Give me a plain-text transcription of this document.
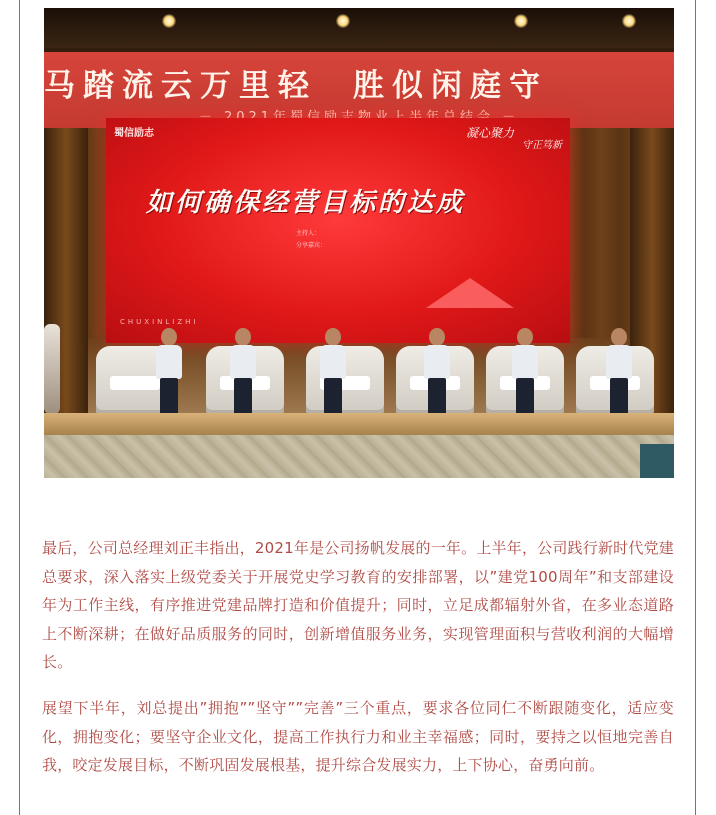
马踏流云万里轻 胜似闲庭守
蜀信励志	凝心聚力
守正笃新
如何确保经营目标的达成
主持人：
分享嘉宾：
CHUXINLIZHI

最后，公司总经理刘正丰指出，2021年是公司扬帆发展的一年。上半年，公司践行新时代党建总要求，深入落实上级党委关于开展党史学习教育的安排部署，以”建党100周年”和支部建设年为工作主线，有序推进党建品牌打造和价值提升；同时，立足成都辐射外省，在多业态道路上不断深耕；在做好品质服务的同时，创新增值服务业务，实现管理面积与营收利润的大幅增长。

展望下半年，刘总提出”拥抱””坚守””完善”三个重点，要求各位同仁不断跟随变化，适应变化，拥抱变化；要坚守企业文化，提高工作执行力和业主幸福感；同时，要持之以恒地完善自我，咬定发展目标，不断巩固发展根基，提升综合发展实力，上下协心，奋勇向前。
